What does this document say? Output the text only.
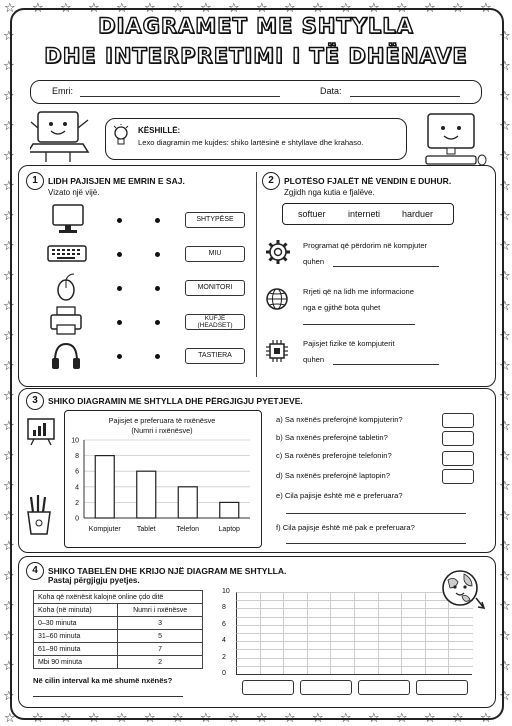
☆
☆
☆
☆
☆
☆
☆
☆
☆
☆
☆
☆
☆
☆
☆
☆
☆
☆
☆
☆
☆
☆
☆
☆
☆
☆
☆
☆
☆
☆
☆
☆
☆
☆
☆
☆
☆	☆
☆	☆
☆	☆
☆	☆
☆	☆
☆	☆
☆	☆
☆	☆
☆	☆
☆	☆
☆	☆
☆	☆
☆	☆
☆	☆
☆	☆
☆	☆
☆	☆
☆	☆
☆	☆
☆	☆
☆	☆
☆	☆
☆	☆
DIAGRAMET ME SHTYLLA
DHE INTERPRETIMI I TË DHËNAVE
Emri:	Data:
KËSHILLË:
Lexo diagramin me kujdes: shiko lartësinë e shtyllave dhe krahaso.
1	LIDH PAJISJEN ME EMRIN E SAJ.
Vizato një vijë.
SHTYPËSE
MIU
MONITORI
KUFJE
(HEADSET)
TASTIERA
2	PLOTËSO FJALËT NË VENDIN E DUHUR.
Zgjidh nga kutia e fjalëve.
softuer interneti harduer
Programat që përdorim në kompjuter
quhen
Rrjeti që na lidh me informacione
nga e gjithë bota quhet
Pajisjet fizike të kompjuterit
quhen
3	SHIKO DIAGRAMIN ME SHTYLLA DHE PËRGJIGJU PYETJEVE.
Pajisjet e preferuara të nxënësve
(Numri i nxënësve)
0
2
4
6
8
10
Kompjuter Tablet	Telefon	Laptop
a) Sa nxënës preferojnë kompjuterin?
b) Sa nxënës preferojnë tabletin?
c) Sa nxënës preferojnë telefonin?
d) Sa nxënës preferojnë laptopin?
e) Cila pajisje është më e preferuara?
f) Cila pajisje është më pak e preferuara?
4	SHIKO TABELËN DHE KRIJO NJË DIAGRAM ME SHTYLLA.
Pastaj përgjigju pyetjes.
Koha që nxënësit kalojnë online çdo ditë	
Koha (në minuta)	Numri i nxënësve
0–30 minuta	3
31–60 minuta	5
61–90 minuta	7
Mbi 90 minuta	2
Në cilin interval ka më shumë nxënës?
10
8
6
4
2
0
